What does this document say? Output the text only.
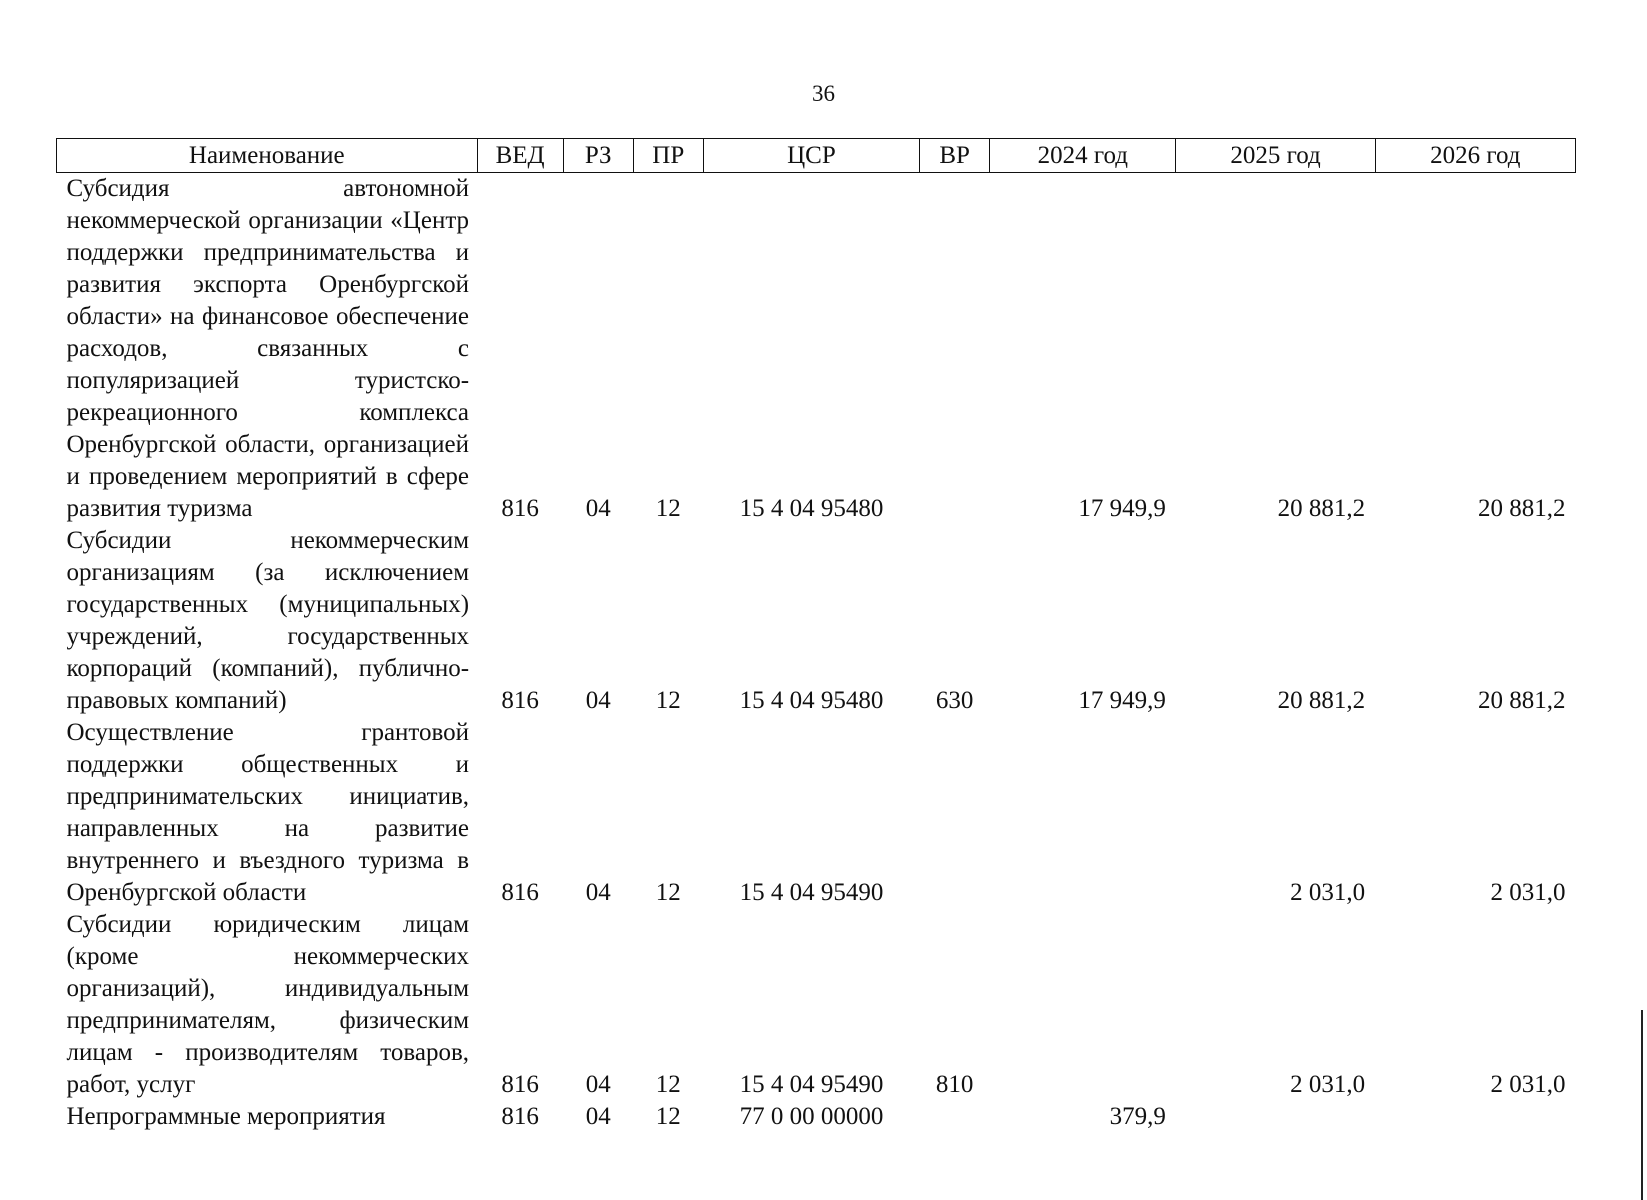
36
Наименование	ВЕД	РЗ	ПР	ЦСР	ВР	2024 год	2025 год	2026 год

Субсидия автономной некоммерческой организации «Центр поддержки предпринимательства и развития экспорта Оренбургской области» на финансовое обеспечение расходов, связанных с популяризацией туристско-рекреационного комплекса Оренбургской области, организацией и проведением мероприятий в сфере развития туризма	816	04	12	15 4 04 95480		17 949,9	20 881,2	20 881,2

Субсидии некоммерческим организациям (за исключением государственных (муниципальных) учреждений, государственных корпораций (компаний), публично-правовых компаний)	816	04	12	15 4 04 95480	630	17 949,9	20 881,2	20 881,2

Осуществление грантовой поддержки общественных и предпринимательских инициатив, направленных на развитие внутреннего и въездного туризма в Оренбургской области	816	04	12	15 4 04 95490			2 031,0	2 031,0

Субсидии юридическим лицам (кроме некоммерческих организаций), индивидуальным предпринимателям, физическим лицам - производителям товаров, работ, услуг	816	04	12	15 4 04 95490	810		2 031,0	2 031,0

Непрограммные мероприятия	816	04	12	77 0 00 00000		379,9		
